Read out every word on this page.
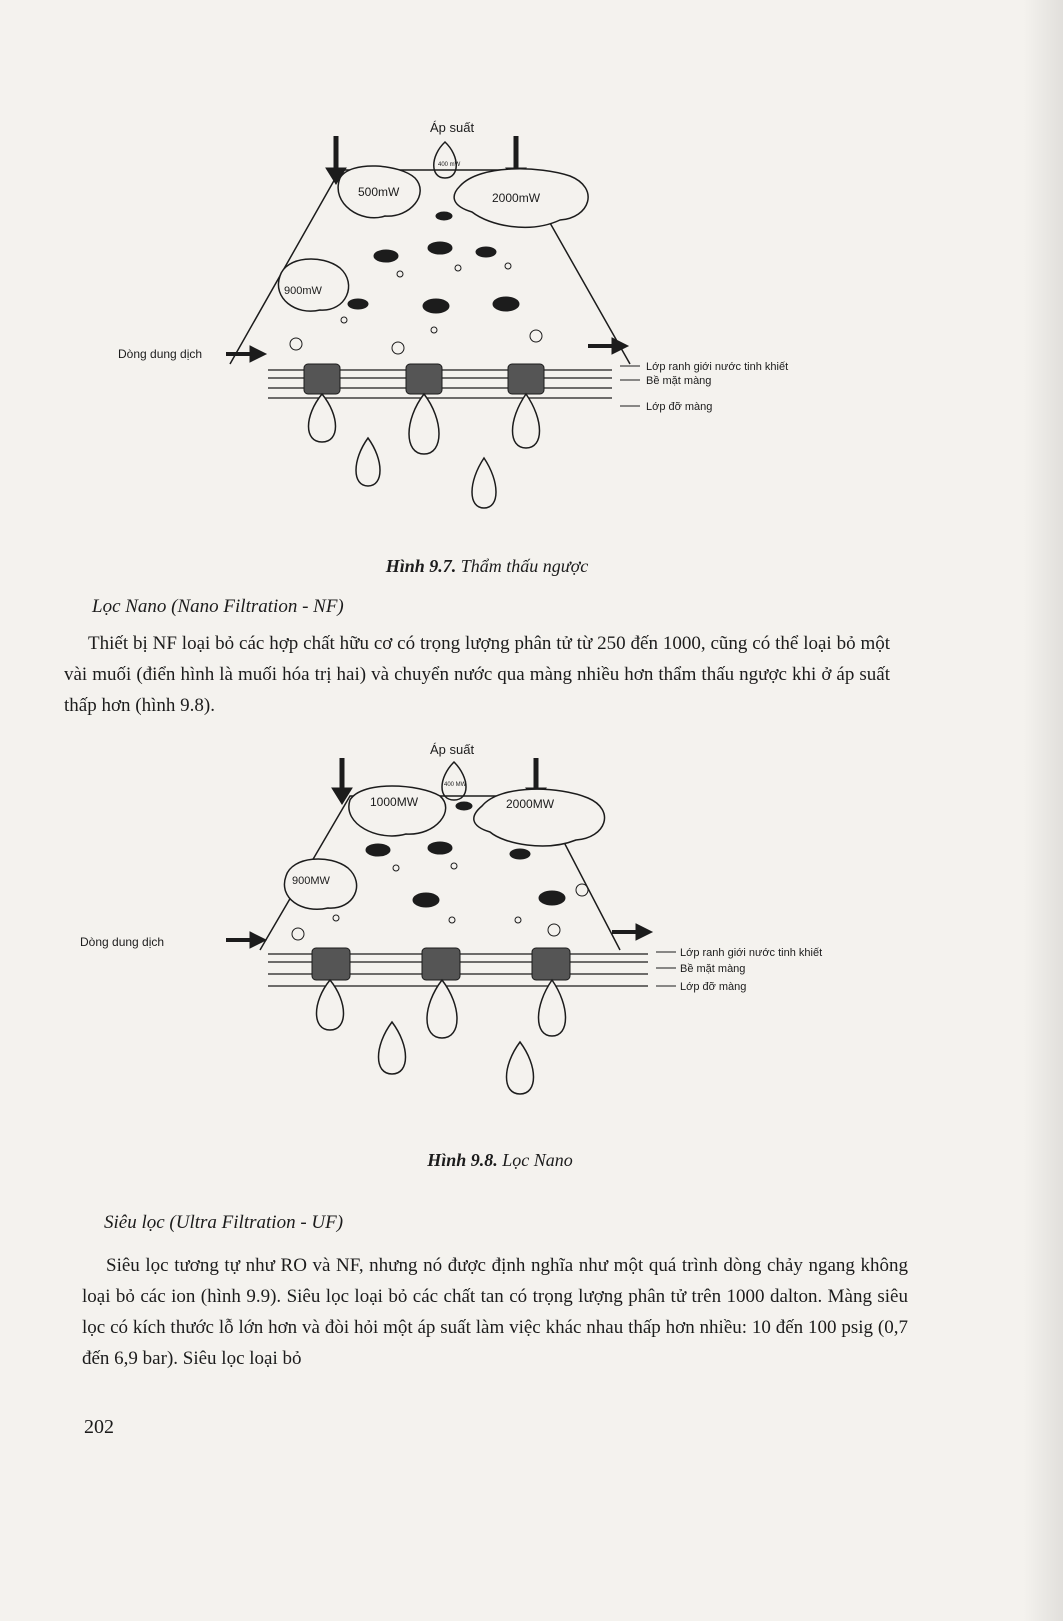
Áp suất
400 mW
500mW	2000mW
900mW
Dòng dung dịch
Lớp ranh giới nước tinh khiết
Bề mặt màng
Lớp đỡ màng
Hình 9.7. Thẩm thấu ngược
Lọc Nano (Nano Filtration - NF)
Thiết bị NF loại bỏ các hợp chất hữu cơ có trọng lượng phân tử từ 250 đến 1000, cũng có thể loại bỏ một vài muối (điển hình là muối hóa trị hai) và chuyển nước qua màng nhiều hơn thẩm thấu ngược khi ở áp suất thấp hơn (hình 9.8).
Áp suất
400 MW
1000MW	2000MW
900MW
Dòng dung dịch
Lớp ranh giới nước tinh khiết
Bề mặt màng
Lớp đỡ màng
Hình 9.8. Lọc Nano
Siêu lọc (Ultra Filtration - UF)
Siêu lọc tương tự như RO và NF, nhưng nó được định nghĩa như một quá trình dòng chảy ngang không loại bỏ các ion (hình 9.9). Siêu lọc loại bỏ các chất tan có trọng lượng phân tử trên 1000 dalton. Màng siêu lọc có kích thước lỗ lớn hơn và đòi hỏi một áp suất làm việc khác nhau thấp hơn nhiều: 10 đến 100 psig (0,7 đến 6,9 bar). Siêu lọc loại bỏ
202
